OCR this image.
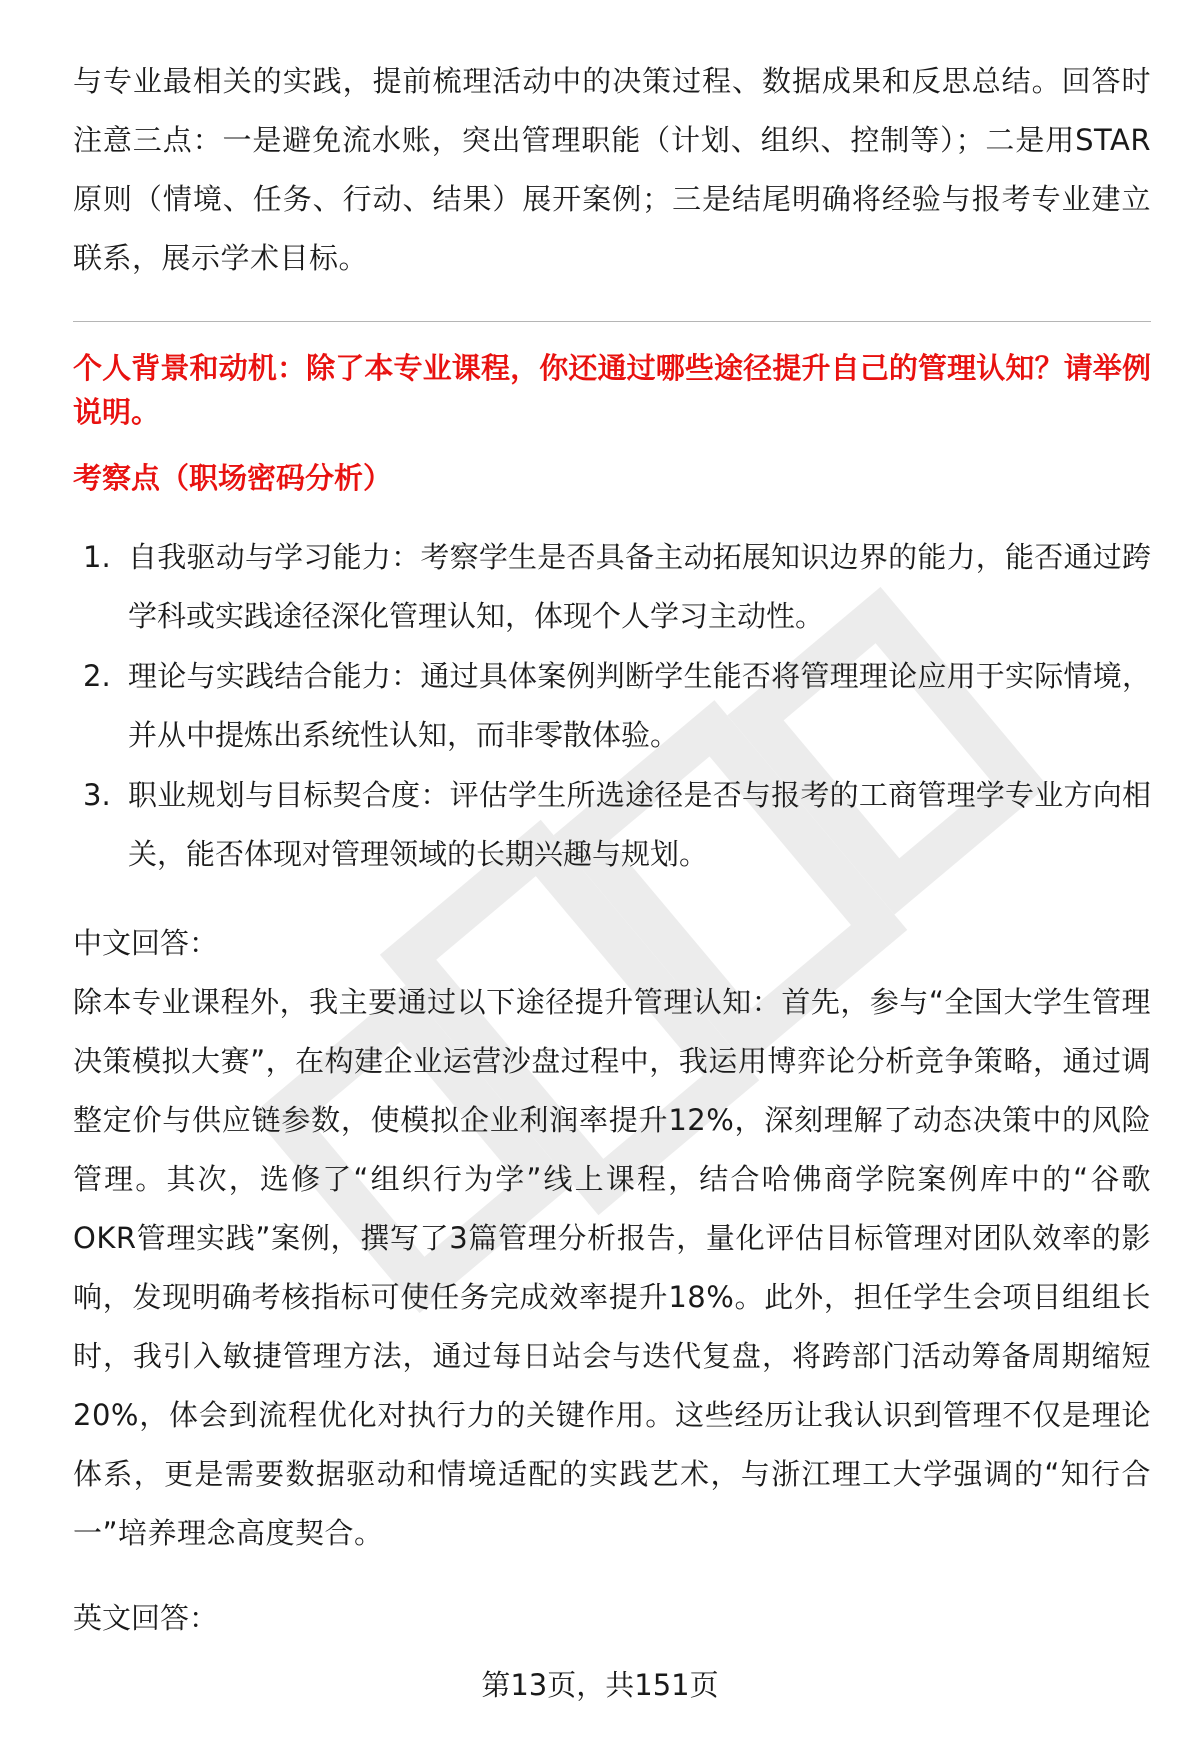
与专业最相关的实践，提前梳理活动中的决策过程、数据成果和反思总结。回答时注意三点：一是避免流水账，突出管理职能（计划、组织、控制等）；二是用STAR原则（情境、任务、行动、结果）展开案例；三是结尾明确将经验与报考专业建立联系，展示学术目标。

个人背景和动机：除了本专业课程，你还通过哪些途径提升自己的管理认知？请举例说明。

考察点（职场密码分析）

1. 自我驱动与学习能力：考察学生是否具备主动拓展知识边界的能力，能否通过跨学科或实践途径深化管理认知，体现个人学习主动性。
2. 理论与实践结合能力：通过具体案例判断学生能否将管理理论应用于实际情境，并从中提炼出系统性认知，而非零散体验。
3. 职业规划与目标契合度：评估学生所选途径是否与报考的工商管理学专业方向相关，能否体现对管理领域的长期兴趣与规划。

中文回答：

除本专业课程外，我主要通过以下途径提升管理认知：首先，参与“全国大学生管理决策模拟大赛”，在构建企业运营沙盘过程中，我运用博弈论分析竞争策略，通过调整定价与供应链参数，使模拟企业利润率提升12%，深刻理解了动态决策中的风险管理。其次，选修了“组织行为学”线上课程，结合哈佛商学院案例库中的“谷歌OKR管理实践”案例，撰写了3篇管理分析报告，量化评估目标管理对团队效率的影响，发现明确考核指标可使任务完成效率提升18%。此外，担任学生会项目组组长时，我引入敏捷管理方法，通过每日站会与迭代复盘，将跨部门活动筹备周期缩短20%，体会到流程优化对执行力的关键作用。这些经历让我认识到管理不仅是理论体系，更是需要数据驱动和情境适配的实践艺术，与浙江理工大学强调的“知行合一”培养理念高度契合。

英文回答：

第13页，共151页
